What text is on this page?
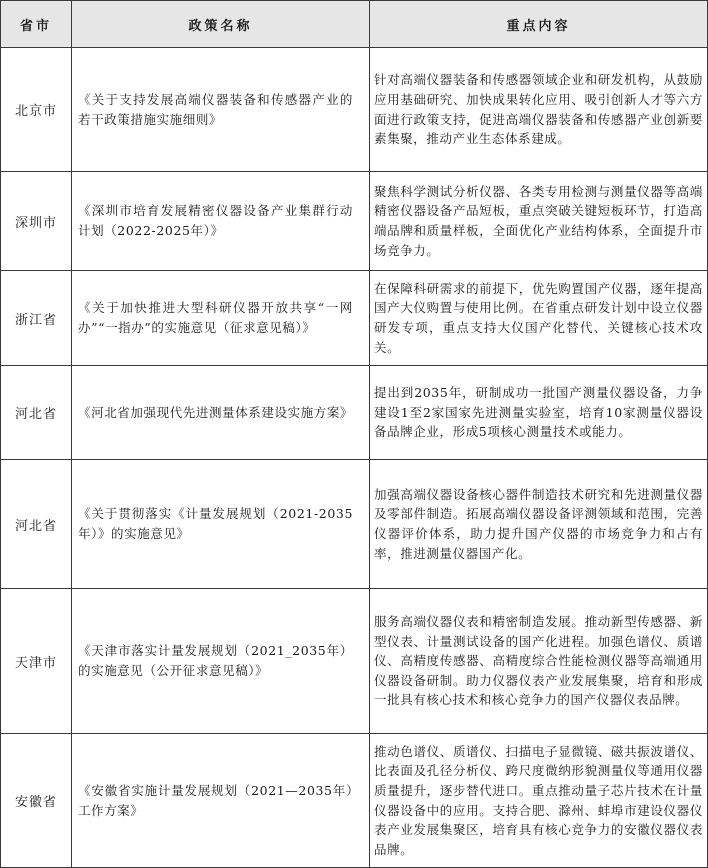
省市	政策名称	重点内容
北京市	《关于支持发展高端仪器装备和传感器产业的若干政策措施实施细则》	针对高端仪器装备和传感器领域企业和研发机构，从鼓励应用基础研究、加快成果转化应用、吸引创新人才等六方面进行政策支持，促进高端仪器装备和传感器产业创新要素集聚，推动产业生态体系建成。

深圳市	《深圳市培育发展精密仪器设备产业集群行动计划（2022-2025年）》	聚焦科学测试分析仪器、各类专用检测与测量仪器等高端精密仪器设备产品短板，重点突破关键短板环节，打造高端品牌和质量样板，全面优化产业结构体系，全面提升市场竞争力。

浙江省	《关于加快推进大型科研仪器开放共享“一网办”“一指办”的实施意见（征求意见稿）》	在保障科研需求的前提下，优先购置国产仪器，逐年提高国产大仪购置与使用比例。在省重点研发计划中设立仪器研发专项，重点支持大仪国产化替代、关键核心技术攻关。

河北省	《河北省加强现代先进测量体系建设实施方案》	提出到2035年，研制成功一批国产测量仪器设备，力争建设1至2家国家先进测量实验室，培育10家测量仪器设备品牌企业，形成5项核心测量技术或能力。

河北省	《关于贯彻落实《计量发展规划（2021-2035年）》的实施意见》	加强高端仪器设备核心器件制造技术研究和先进测量仪器及零部件制造。拓展高端仪器设备评测领域和范围，完善仪器评价体系，助力提升国产仪器的市场竞争力和占有率，推进测量仪器国产化。

天津市	《天津市落实计量发展规划（2021_2035年）的实施意见（公开征求意见稿）》	服务高端仪器仪表和精密制造发展。推动新型传感器、新型仪表、计量测试设备的国产化进程。加强色谱仪、质谱仪、高精度传感器、高精度综合性能检测仪器等高端通用仪器设备研制。助力仪器仪表产业发展集聚，培育和形成一批具有核心技术和核心竞争力的国产仪器仪表品牌。

安徽省	《安徽省实施计量发展规划（2021—2035年）工作方案》	推动色谱仪、质谱仪、扫描电子显微镜、磁共振波谱仪、比表面及孔径分析仪、跨尺度微纳形貌测量仪等通用仪器质量提升，逐步替代进口。重点推动量子芯片技术在计量仪器设备中的应用。支持合肥、滁州、蚌埠市建设仪器仪表产业发展集聚区，培育具有核心竞争力的安徽仪器仪表品牌。
